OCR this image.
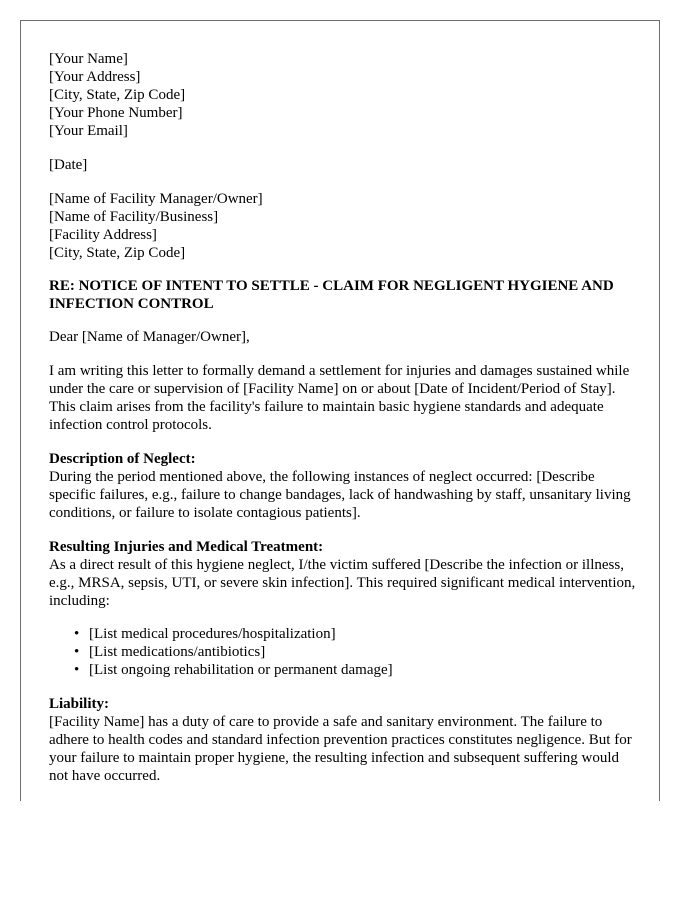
[Your Name]
[Your Address]
[City, State, Zip Code]
[Your Phone Number]
[Your Email]
[Date]
[Name of Facility Manager/Owner]
[Name of Facility/Business]
[Facility Address]
[City, State, Zip Code]
RE: NOTICE OF INTENT TO SETTLE - CLAIM FOR NEGLIGENT HYGIENE AND INFECTION CONTROL
Dear [Name of Manager/Owner],
I am writing this letter to formally demand a settlement for injuries and damages sustained while under the care or supervision of [Facility Name] on or about [Date of Incident/Period of Stay]. This claim arises from the facility's failure to maintain basic hygiene standards and adequate infection control protocols.
Description of Neglect:
During the period mentioned above, the following instances of neglect occurred: [Describe specific failures, e.g., failure to change bandages, lack of handwashing by staff, unsanitary living conditions, or failure to isolate contagious patients].
Resulting Injuries and Medical Treatment:
As a direct result of this hygiene neglect, I/the victim suffered [Describe the infection or illness, e.g., MRSA, sepsis, UTI, or severe skin infection]. This required significant medical intervention, including:
• [List medical procedures/hospitalization]
• [List medications/antibiotics]
• [List ongoing rehabilitation or permanent damage]
Liability:
[Facility Name] has a duty of care to provide a safe and sanitary environment. The failure to adhere to health codes and standard infection prevention practices constitutes negligence. But for your failure to maintain proper hygiene, the resulting infection and subsequent suffering would not have occurred.
